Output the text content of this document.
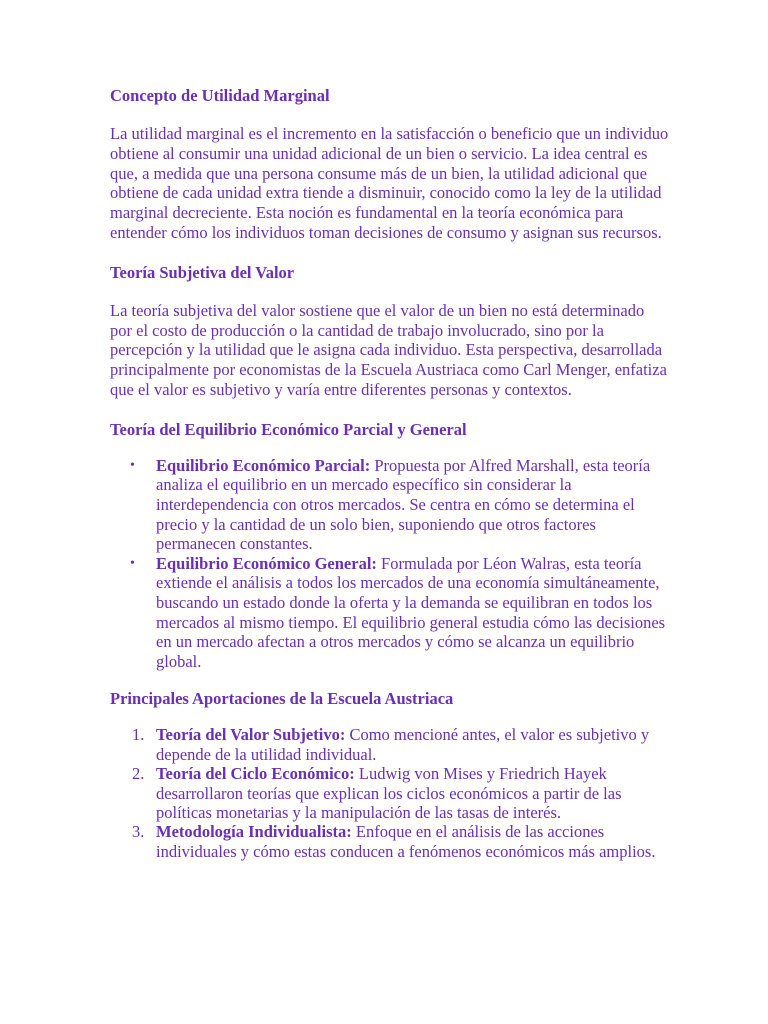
Concepto de Utilidad Marginal

La utilidad marginal es el incremento en la satisfacción o beneficio que un individuo obtiene al consumir una unidad adicional de un bien o servicio. La idea central es que, a medida que una persona consume más de un bien, la utilidad adicional que obtiene de cada unidad extra tiende a disminuir, conocido como la ley de la utilidad marginal decreciente. Esta noción es fundamental en la teoría económica para entender cómo los individuos toman decisiones de consumo y asignan sus recursos.

Teoría Subjetiva del Valor

La teoría subjetiva del valor sostiene que el valor de un bien no está determinado por el costo de producción o la cantidad de trabajo involucrado, sino por la percepción y la utilidad que le asigna cada individuo. Esta perspectiva, desarrollada principalmente por economistas de la Escuela Austriaca como Carl Menger, enfatiza que el valor es subjetivo y varía entre diferentes personas y contextos.

Teoría del Equilibrio Económico Parcial y General
• Equilibrio Económico Parcial: Propuesta por Alfred Marshall, esta teoría analiza el equilibrio en un mercado específico sin considerar la interdependencia con otros mercados. Se centra en cómo se determina el precio y la cantidad de un solo bien, suponiendo que otros factores permanecen constantes.
• Equilibrio Económico General: Formulada por Léon Walras, esta teoría extiende el análisis a todos los mercados de una economía simultáneamente, buscando un estado donde la oferta y la demanda se equilibran en todos los mercados al mismo tiempo. El equilibrio general estudia cómo las decisiones en un mercado afectan a otros mercados y cómo se alcanza un equilibrio global.
Principales Aportaciones de la Escuela Austriaca
1. Teoría del Valor Subjetivo: Como mencioné antes, el valor es subjetivo y depende de la utilidad individual.
2. Teoría del Ciclo Económico: Ludwig von Mises y Friedrich Hayek desarrollaron teorías que explican los ciclos económicos a partir de las políticas monetarias y la manipulación de las tasas de interés.
3. Metodología Individualista: Enfoque en el análisis de las acciones individuales y cómo estas conducen a fenómenos económicos más amplios.
